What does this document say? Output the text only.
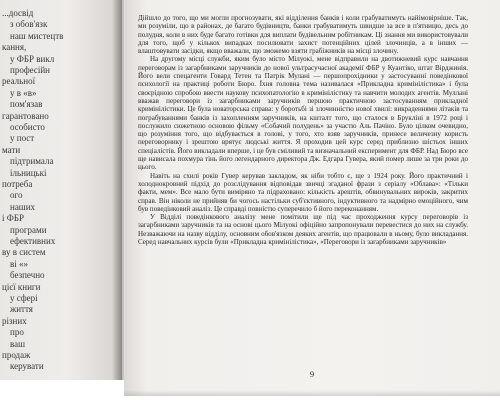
...досвід
з обов'язк
наш мистецтв
кання,
у ФБР викл
професійн
реальної
у в «в»
пом'язав
гарантовано
особисто
у пост
мати
підтримала
ільницькі
потреба
ого
наших
і ФБР
програми
ефективних
ву в систем
ві «»
безпечно
цієї книги
у сфері
життя
різних
про
ваш
продаж
керувати

Дійшло до того, що ми могли прогнозувати, які відділення банків і коли грабуватимуть найімовірніше. Так, ми розуміли, що в районах, де багато будівництв, банки грабуватимуть швидше за все в п'ятницю, десь до полудня, коли в них буде багато готівки для виплати будівельним робітникам. Ці знання ми використовували для того, щоб у кількох випадках посилювати захист потенційних цілей злочинців, а в інших — влаштовувати засідки, якщо вважали, що зможемо взяти грабіжників на місці злочину.

На другому місці служби, яким було місто Мілуокі, мене відправили на двотижневий курс навчання переговорам із загарбниками заручників до нової ультрасучасної академії ФБР у Куантіко, штат Вірджинія. Його вели спецагенти Говард Тетен та Патрік Мулані — першопрохідники у застосуванні поведінкової психології на практиці роботи Бюро. Їхня головна тема називалася «Прикладна кримінілістика» і була своєрідною спробою ввести наукову психопатологію в кримінілістику та навчити молодих агентів. Муллані вважав переговори із загарбниками заручників першою практичною застосуванням прикладної кримінілістики. Це була новаторська справа: у боротьбі зі злочинністю нової хвилі: викраденнями літаків та пограбуваннями банків із захопленням заручників, на кшталт того, що сталося в Брукліні в 1972 році і послужило сюжетною основою фільму «Собачий полудень» за участю Аль Пачіно. Було цілком очевидно, що розуміння того, що відбувається в голові, у того, хто взяв заручників, принесе величезну користь переговорнику і зрештою врятує людські життя. Я проходив цей курс серед приблизно шістьох інших спеціалістів. Його викладали вперше, і це був сміливий та визначальний експеримент для ФБР. Над Бюро все ще нависала похмура тінь його легендарного директора Дж. Едгара Гувера, який помер лише за три роки до цього.

Навіть на схилі років Гувер керував закладом, як ніби тобто є, ще з 1924 року. Його практичний і холоднокровний підхід до розслідування відповідав звичці згаданої фрази з серіалу «Облава»: «Тільки факти, мем». Все мало бути виміряно та підраховано: кількість арештів, обвинувальних вироків, закритих справ. Він ніколи не прийняв би чогось настільки суб'єктивного, індуктивного та надмірно емоційного, чим був поведінковий аналіз. Це справді повністю суперечило б його переконанням.

У Відділі поведінкового аналізу мене помітили ще під час проходження курсу переговорів із загарбниками заручників та на основі цього Мілуокі офіційно запропонували перевестися до них на службу. Незважаючи на назву відділу, основним обов'язком деяких агентів, що працювали в ньому, було викладання. Серед навчальних курсів були «Прикладна кримінілістика», «Переговори із загарбниками заручників»

9
